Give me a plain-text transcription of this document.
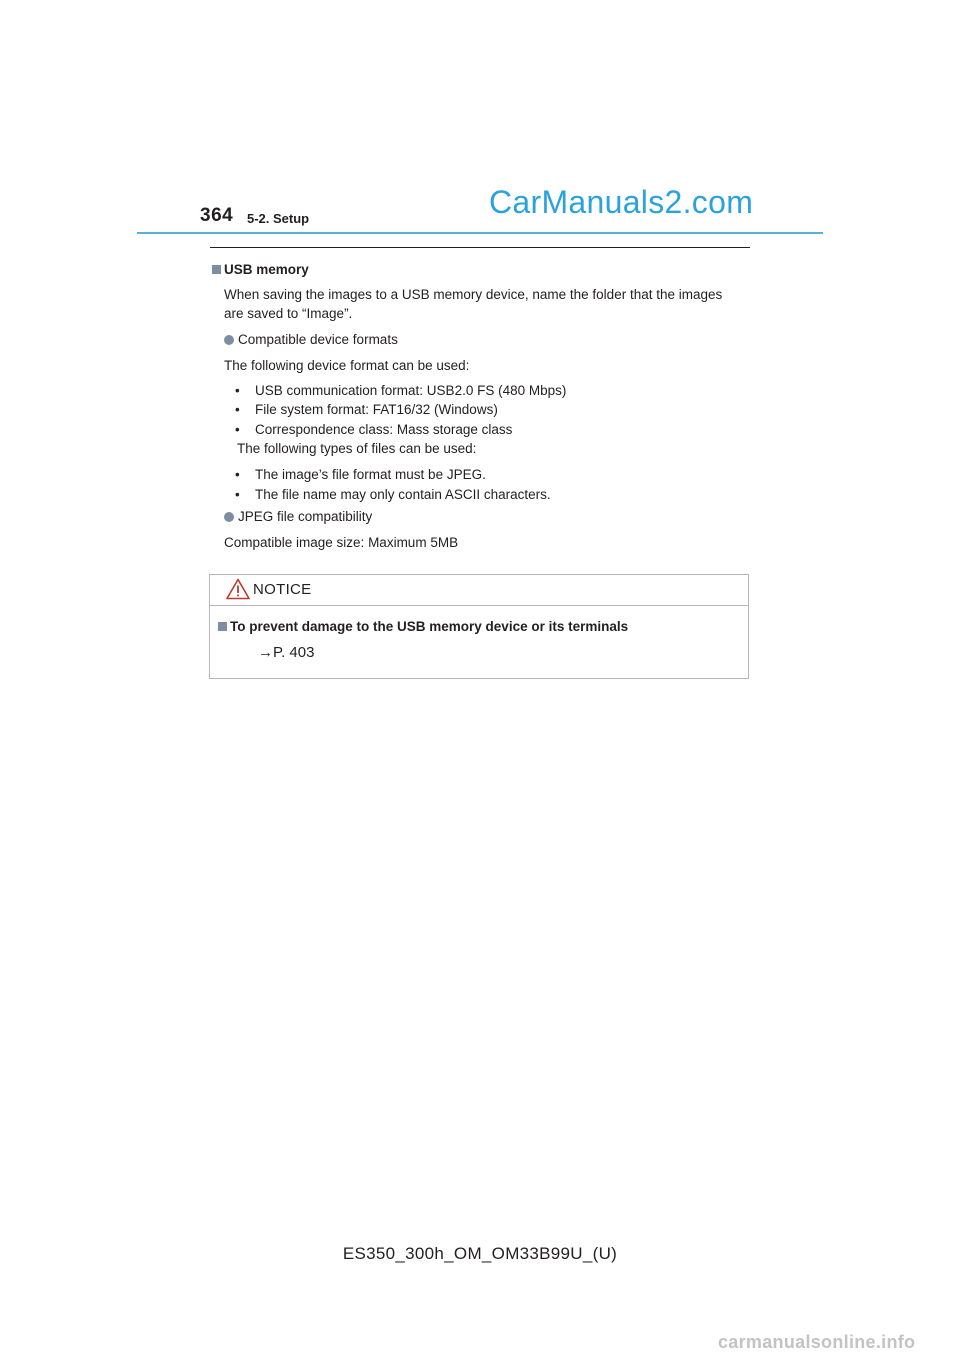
364 5-2. Setup	CarManuals2.com
USB memory
When saving the images to a USB memory device, name the folder that the images
are saved to “Image”.
Compatible device formats
The following device format can be used:
• USB communication format: USB2.0 FS (480 Mbps)
• File system format: FAT16/32 (Windows)
• Correspondence class: Mass storage class
The following types of files can be used:
• The image’s file format must be JPEG.
• The file name may only contain ASCII characters.
JPEG file compatibility
Compatible image size: Maximum 5MB
NOTICE
To prevent damage to the USB memory device or its terminals
→P. 403
ES350_300h_OM_OM33B99U_(U)
carmanualsonline.info
